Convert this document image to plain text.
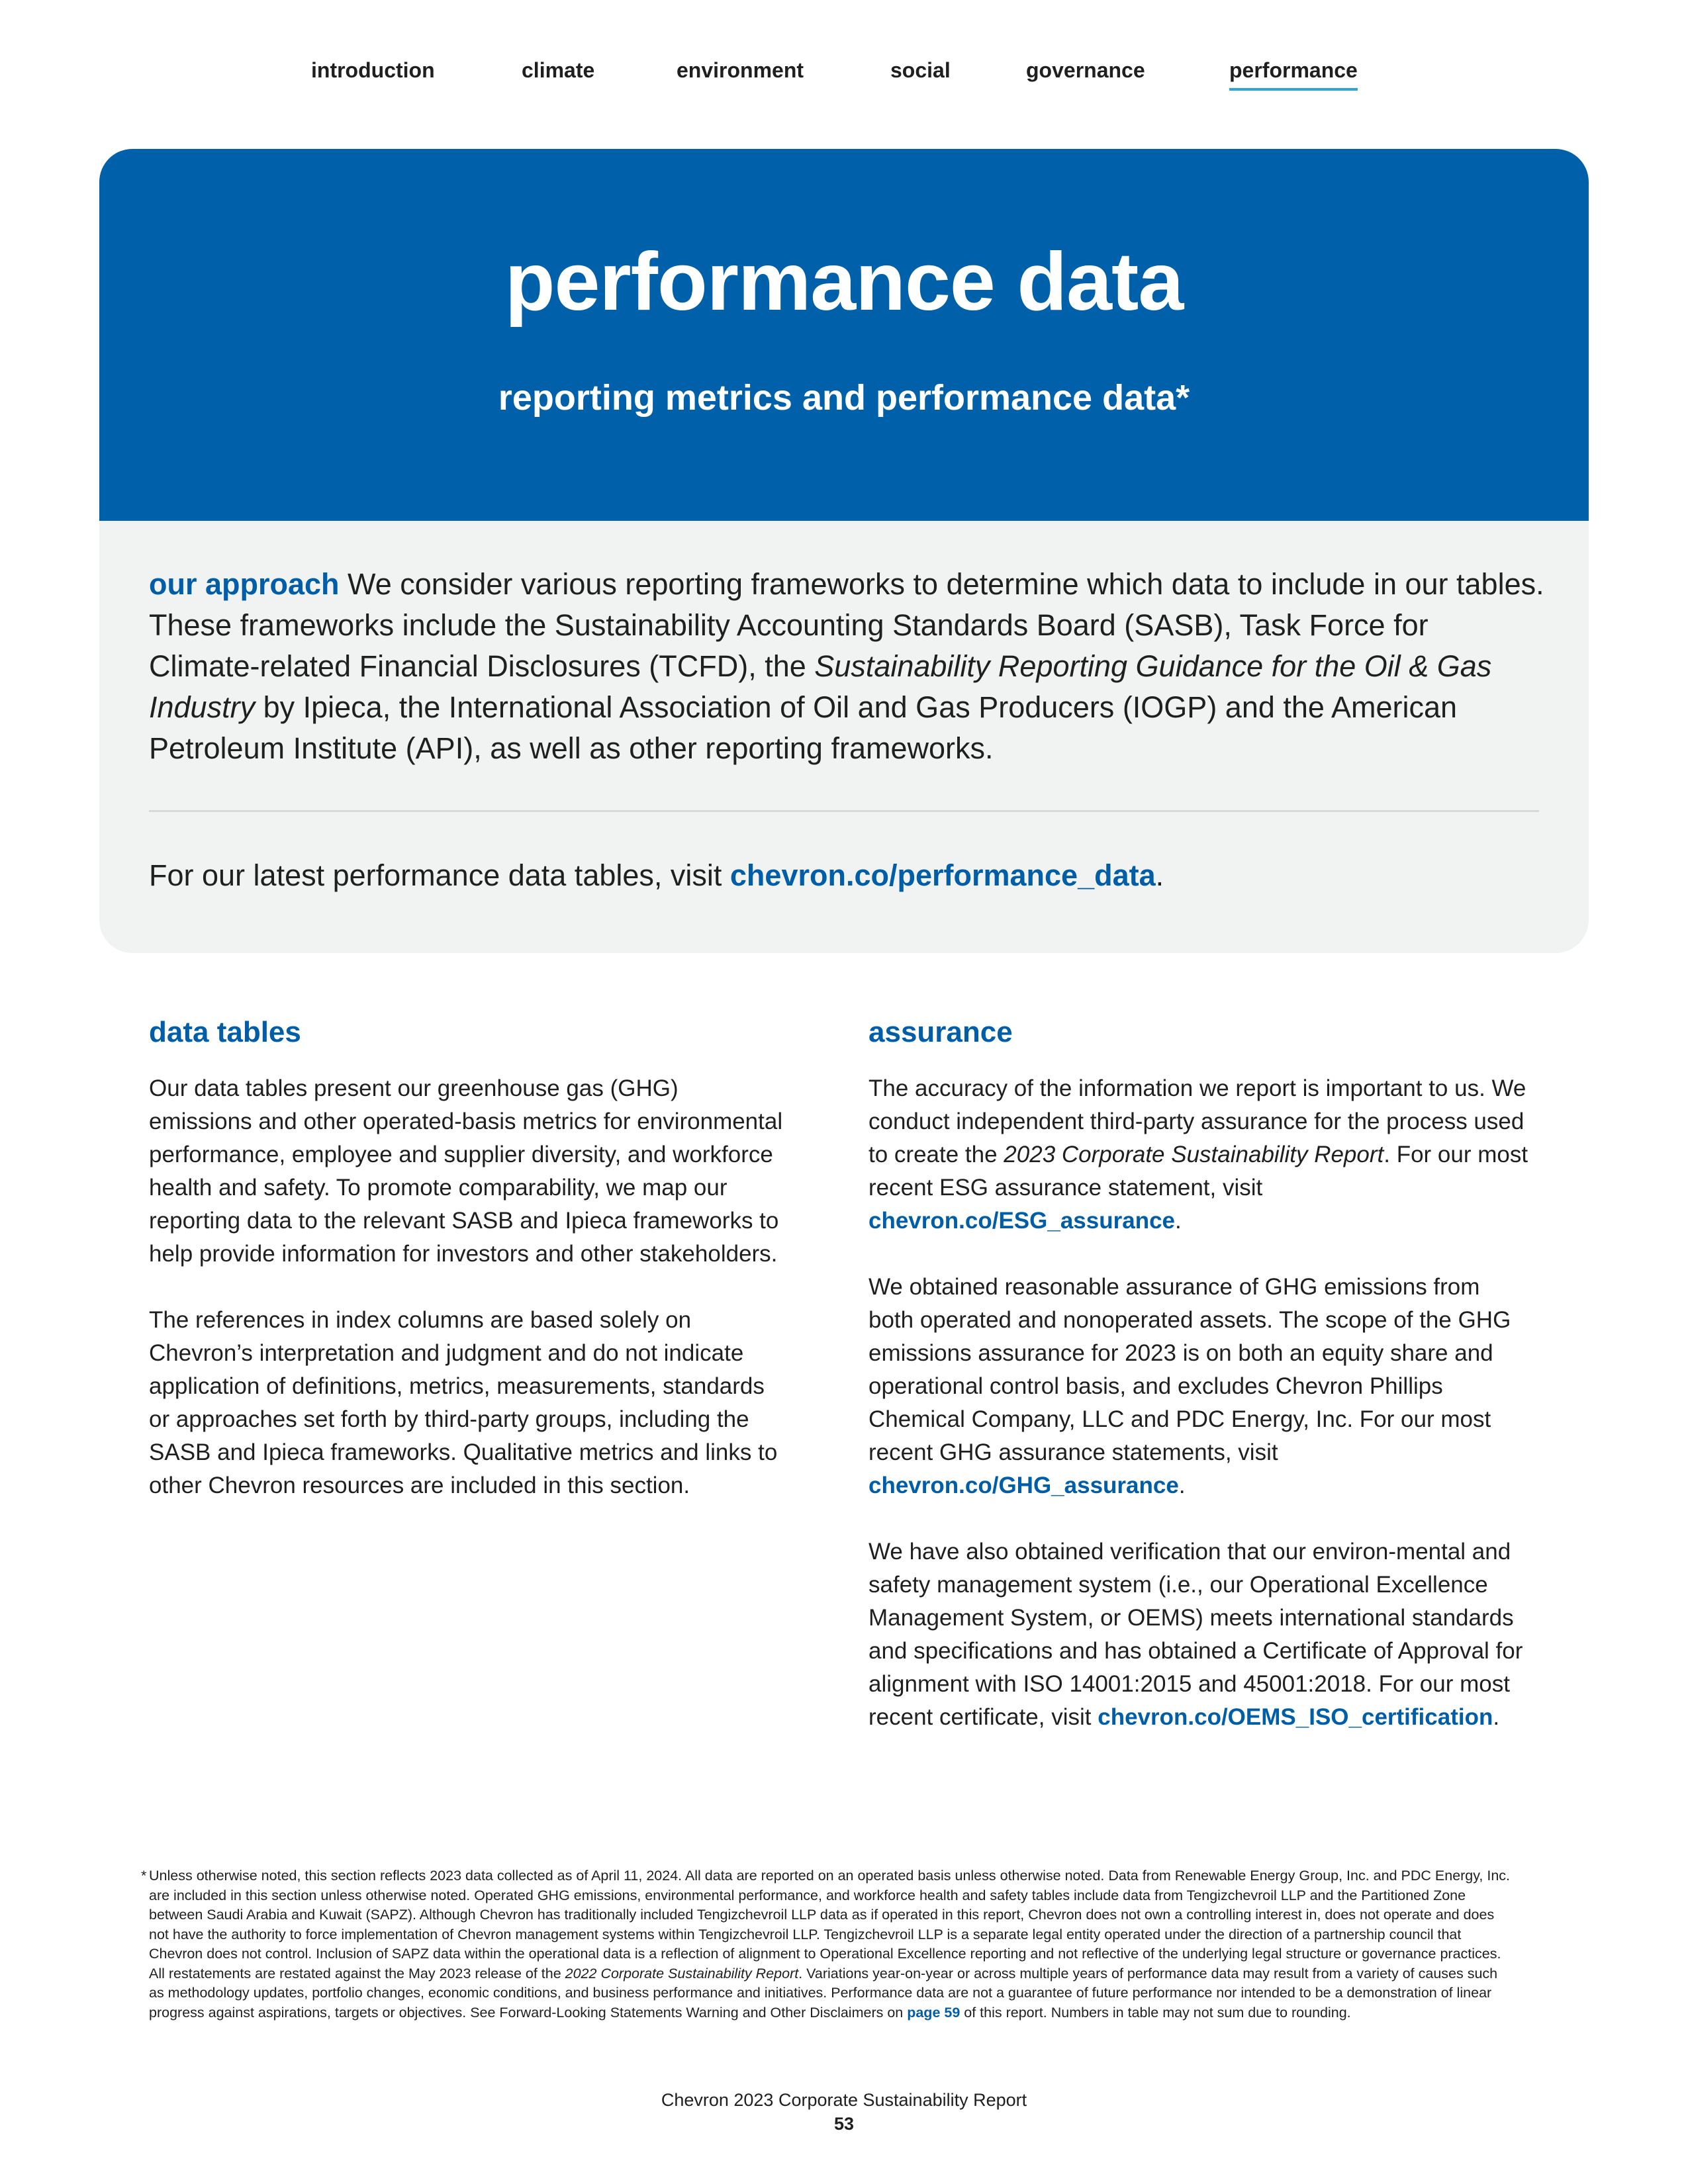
introduction	climate	environment	social	governance	performance
performance data
reporting metrics and performance data*
our approach We consider various reporting frameworks to determine which data to include in our tables. These frameworks include the Sustainability Accounting Standards Board (SASB), Task Force for Climate-related Financial Disclosures (TCFD), the Sustainability Reporting Guidance for the Oil & Gas Industry by Ipieca, the International Association of Oil and Gas Producers (IOGP) and the American Petroleum Institute (API), as well as other reporting frameworks.
For our latest performance data tables, visit chevron.co/performance_data.
data tables

Our data tables present our greenhouse gas (GHG) emissions and other operated-basis metrics for environmental performance, employee and supplier diversity, and workforce health and safety. To promote comparability, we map our reporting data to the relevant SASB and Ipieca frameworks to help provide information for investors and other stakeholders.

The references in index columns are based solely on Chevron’s interpretation and judgment and do not indicate application of definitions, metrics, measurements, standards or approaches set forth by third-party groups, including the SASB and Ipieca frameworks. Qualitative metrics and links to other Chevron resources are included in this section.

assurance

The accuracy of the information we report is important to us. We conduct independent third-party assurance for the process used to create the 2023 Corporate Sustainability Report. For our most recent ESG assurance statement, visit chevron.co/ESG_assurance.

We obtained reasonable assurance of GHG emissions from both operated and nonoperated assets. The scope of the GHG emissions assurance for 2023 is on both an equity share and operational control basis, and excludes Chevron Phillips Chemical Company, LLC and PDC Energy, Inc. For our most recent GHG assurance statements, visit chevron.co/GHG_assurance.

We have also obtained verification that our environ-mental and safety management system (i.e., our Operational Excellence Management System, or OEMS) meets international standards and specifications and has obtained a Certificate of Approval for alignment with ISO 14001:2015 and 45001:2018. For our most recent certificate, visit chevron.co/OEMS_ISO_certification.

* Unless otherwise noted, this section reflects 2023 data collected as of April 11, 2024. All data are reported on an operated basis unless otherwise noted. Data from Renewable Energy Group, Inc. and PDC Energy, Inc. are included in this section unless otherwise noted. Operated GHG emissions, environmental performance, and workforce health and safety tables include data from Tengizchevroil LLP and the Partitioned Zone between Saudi Arabia and Kuwait (SAPZ). Although Chevron has traditionally included Tengizchevroil LLP data as if operated in this report, Chevron does not own a controlling interest in, does not operate and does not have the authority to force implementation of Chevron management systems within Tengizchevroil LLP. Tengizchevroil LLP is a separate legal entity operated under the direction of a partnership council that Chevron does not control. Inclusion of SAPZ data within the operational data is a reflection of alignment to Operational Excellence reporting and not reflective of the underlying legal structure or governance practices. All restatements are restated against the May 2023 release of the 2022 Corporate Sustainability Report. Variations year-on-year or across multiple years of performance data may result from a variety of causes such as methodology updates, portfolio changes, economic conditions, and business performance and initiatives. Performance data are not a guarantee of future performance nor intended to be a demonstration of linear progress against aspirations, targets or objectives. See Forward-Looking Statements Warning and Other Disclaimers on page 59 of this report. Numbers in table may not sum due to rounding.
Chevron 2023 Corporate Sustainability Report
53
